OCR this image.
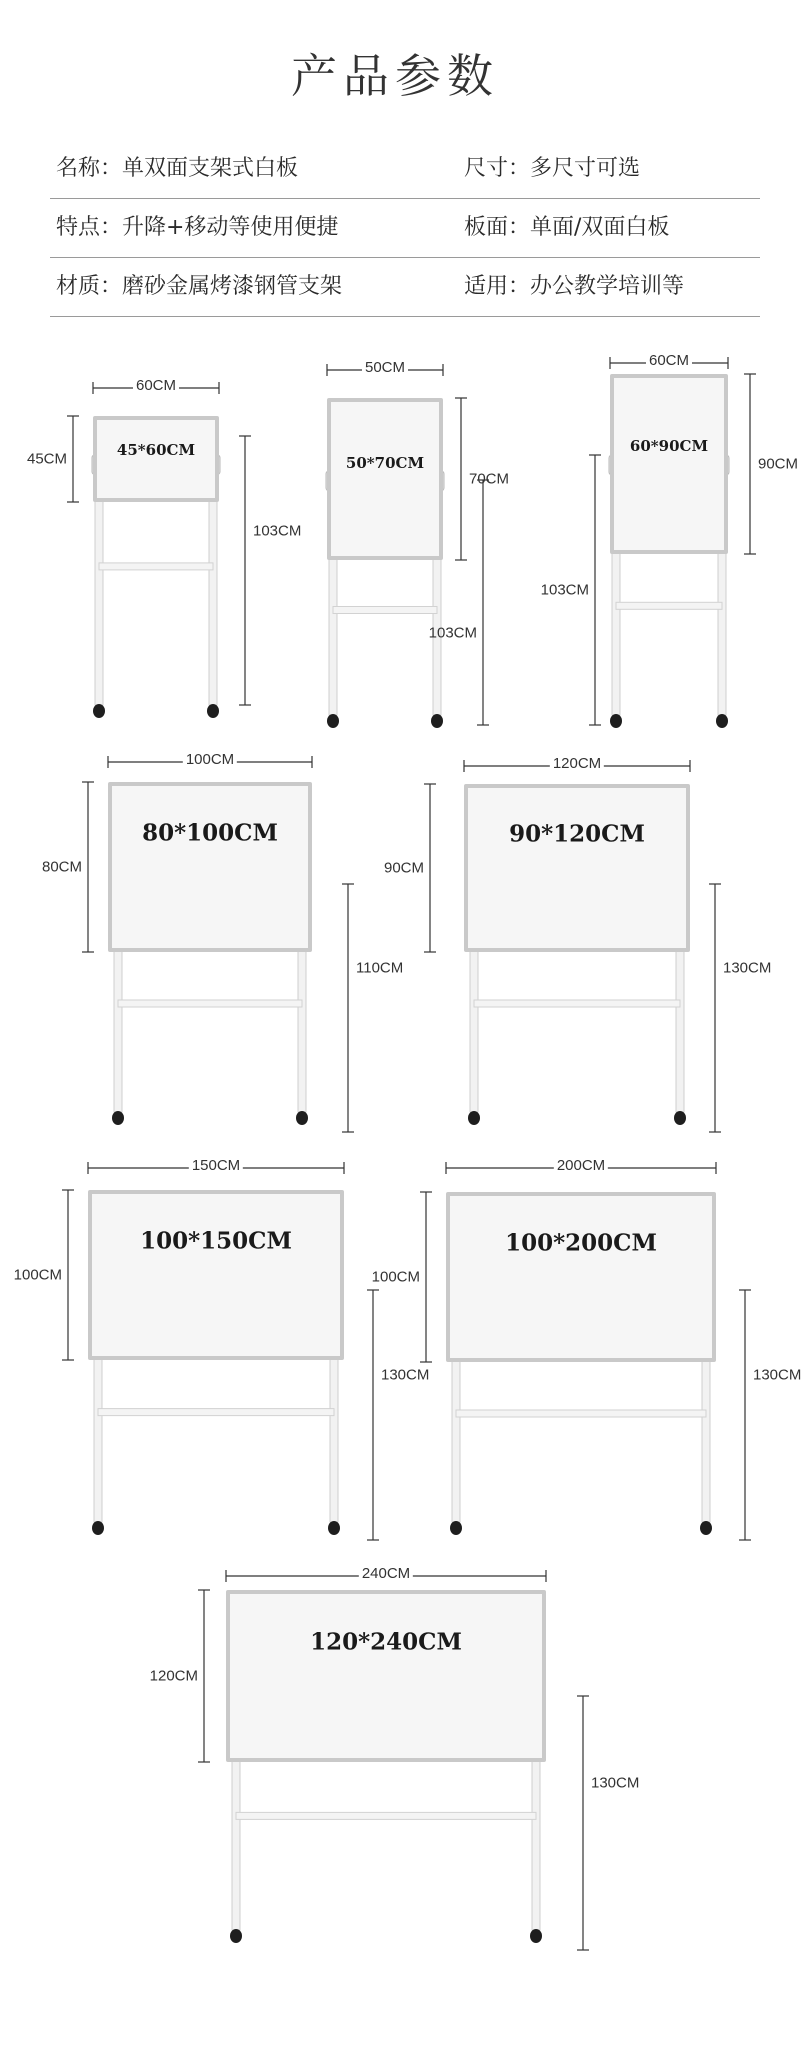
产品参数
名称：单双面支架式白板	尺寸：多尺寸可选
特点：升降+移动等使用便捷	板面：单面/双面白板
材质：磨砂金属烤漆钢管支架	适用：办公教学培训等
45*60CM
60CM
45CM
103CM
50*70CM
50CM
70CM
103CM
60*90CM
60CM
90CM
103CM
80*100CM
100CM
80CM
110CM
90*120CM
120CM
90CM
130CM
100*150CM
150CM
100CM
130CM
100*200CM
200CM
100CM
130CM
120*240CM
240CM
120CM
130CM
